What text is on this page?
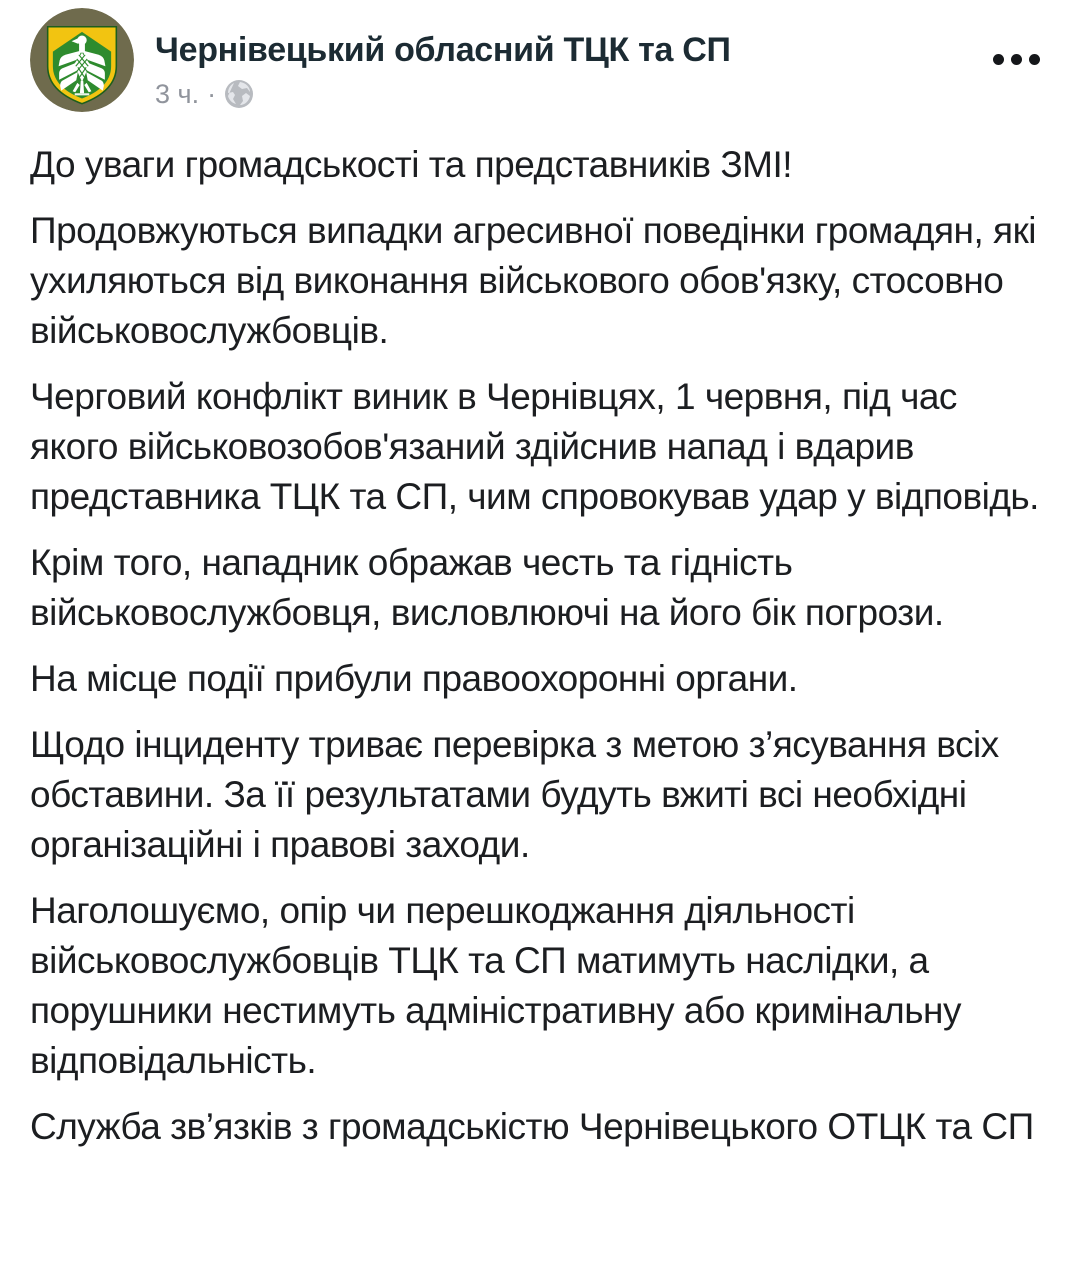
Чернівецький обласний ТЦК та СП
3 ч. ·

До уваги громадськості та представників ЗМІ!

Продовжуються випадки агресивної поведінки громадян, які ухиляються від виконання військового обов'язку, стосовно військовослужбовців.

Черговий конфлікт виник в Чернівцях, 1 червня, під час якого військовозобов'язаний здійснив напад і вдарив представника ТЦК та СП, чим спровокував удар у відповідь.

Крім того, нападник ображав честь та гідність військовослужбовця, висловлюючі на його бік погрози.

На місце події прибули правоохоронні органи.

Щодо інциденту триває перевірка з метою з’ясування всіх обставини. За її результатами будуть вжиті всі необхідні організаційні і правові заходи.

Наголошуємо, опір чи перешкоджання діяльності військовослужбовців ТЦК та СП матимуть наслідки, а порушники нестимуть адміністративну або кримінальну відповідальність.

Служба зв’язків з громадськістю Чернівецького ОТЦК та СП
